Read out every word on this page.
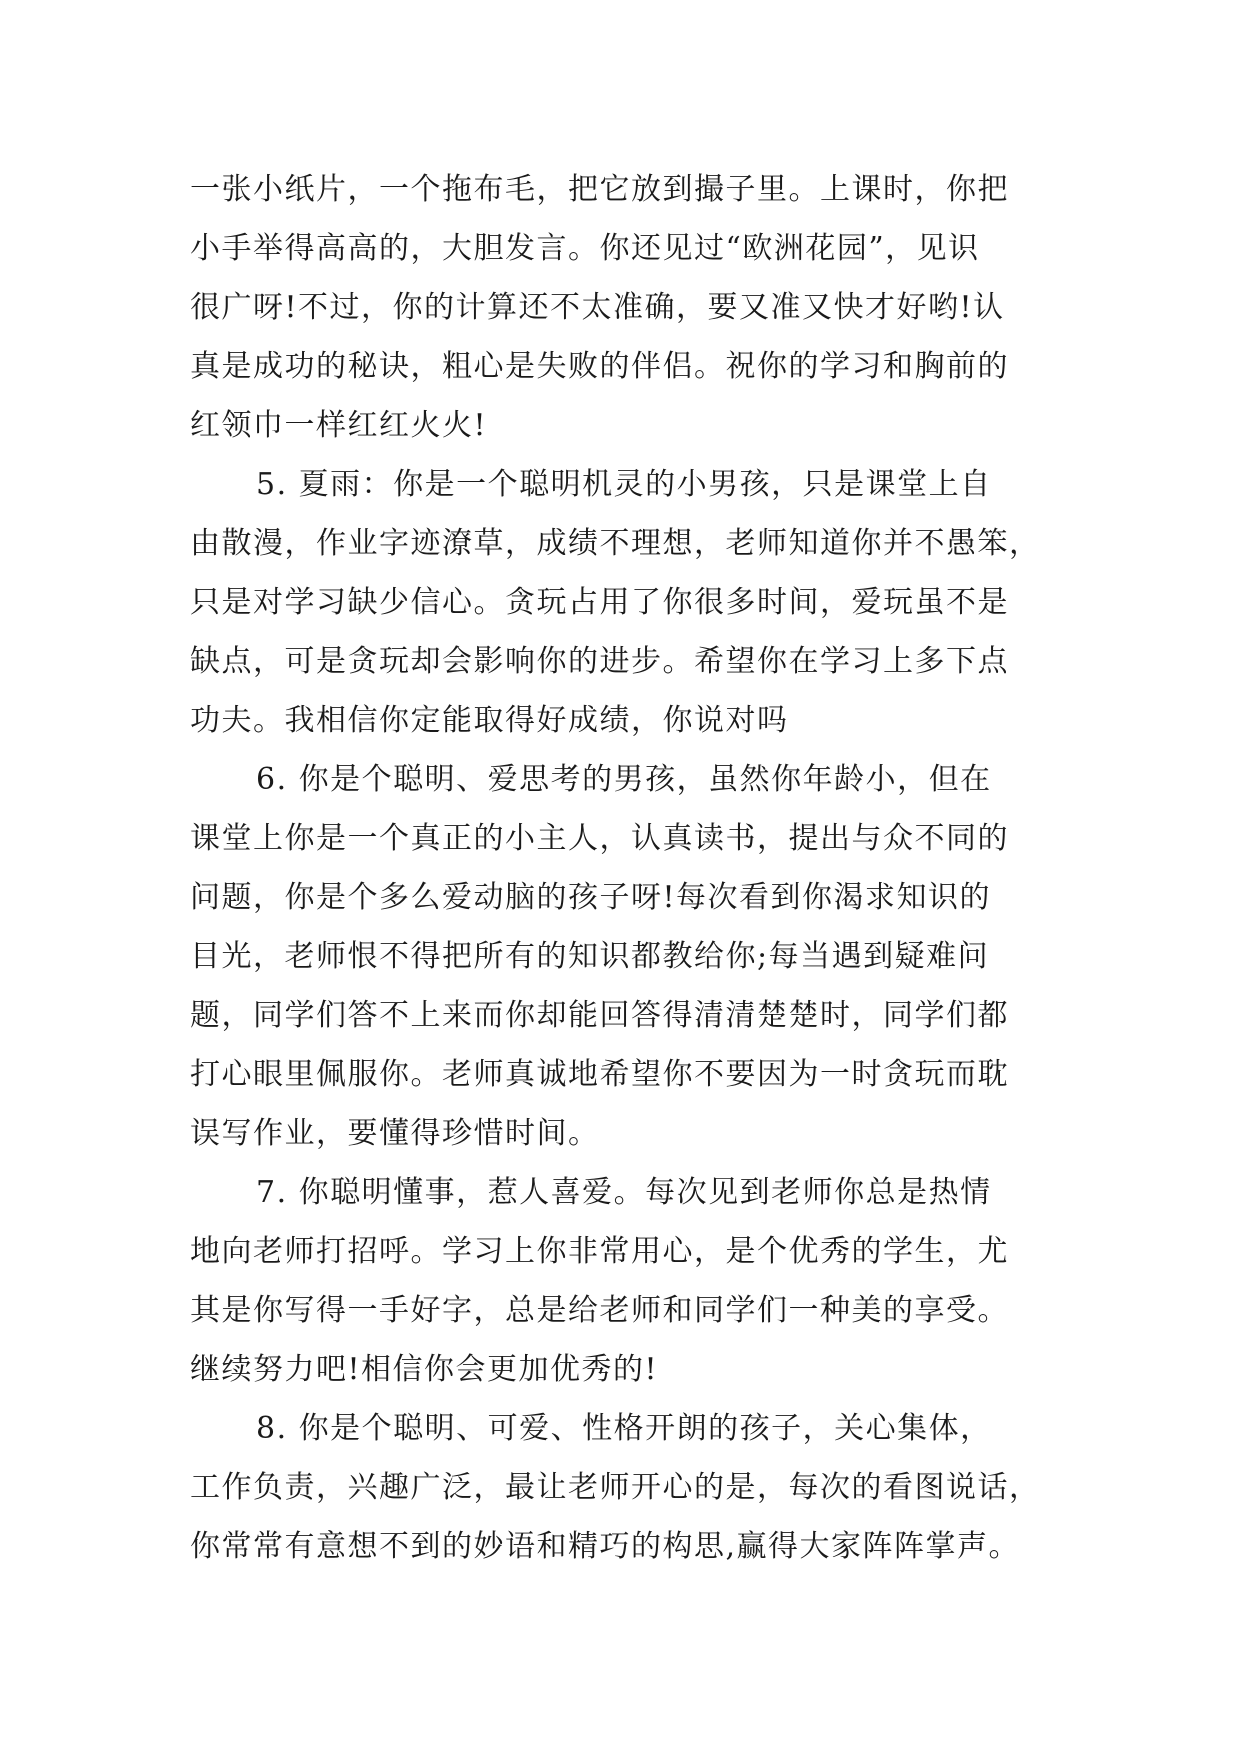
一张小纸片，一个拖布毛，把它放到撮子里。上课时，你把
小手举得高高的，大胆发言。你还见过“欧洲花园”，见识
很广呀!不过，你的计算还不太准确，要又准又快才好哟!认
真是成功的秘诀，粗心是失败的伴侣。祝你的学习和胸前的
红领巾一样红红火火!
5. 夏雨：你是一个聪明机灵的小男孩，只是课堂上自
由散漫，作业字迹潦草，成绩不理想，老师知道你并不愚笨，
只是对学习缺少信心。贪玩占用了你很多时间，爱玩虽不是
缺点，可是贪玩却会影响你的进步。希望你在学习上多下点
功夫。我相信你定能取得好成绩，你说对吗
6. 你是个聪明、爱思考的男孩，虽然你年龄小，但在
课堂上你是一个真正的小主人，认真读书，提出与众不同的
问题，你是个多么爱动脑的孩子呀!每次看到你渴求知识的
目光，老师恨不得把所有的知识都教给你;每当遇到疑难问
题，同学们答不上来而你却能回答得清清楚楚时，同学们都
打心眼里佩服你。老师真诚地希望你不要因为一时贪玩而耽
误写作业，要懂得珍惜时间。
7. 你聪明懂事，惹人喜爱。每次见到老师你总是热情
地向老师打招呼。学习上你非常用心，是个优秀的学生，尤
其是你写得一手好字，总是给老师和同学们一种美的享受。
继续努力吧!相信你会更加优秀的!
8. 你是个聪明、可爱、性格开朗的孩子，关心集体，
工作负责，兴趣广泛，最让老师开心的是，每次的看图说话，
你常常有意想不到的妙语和精巧的构思,赢得大家阵阵掌声。
